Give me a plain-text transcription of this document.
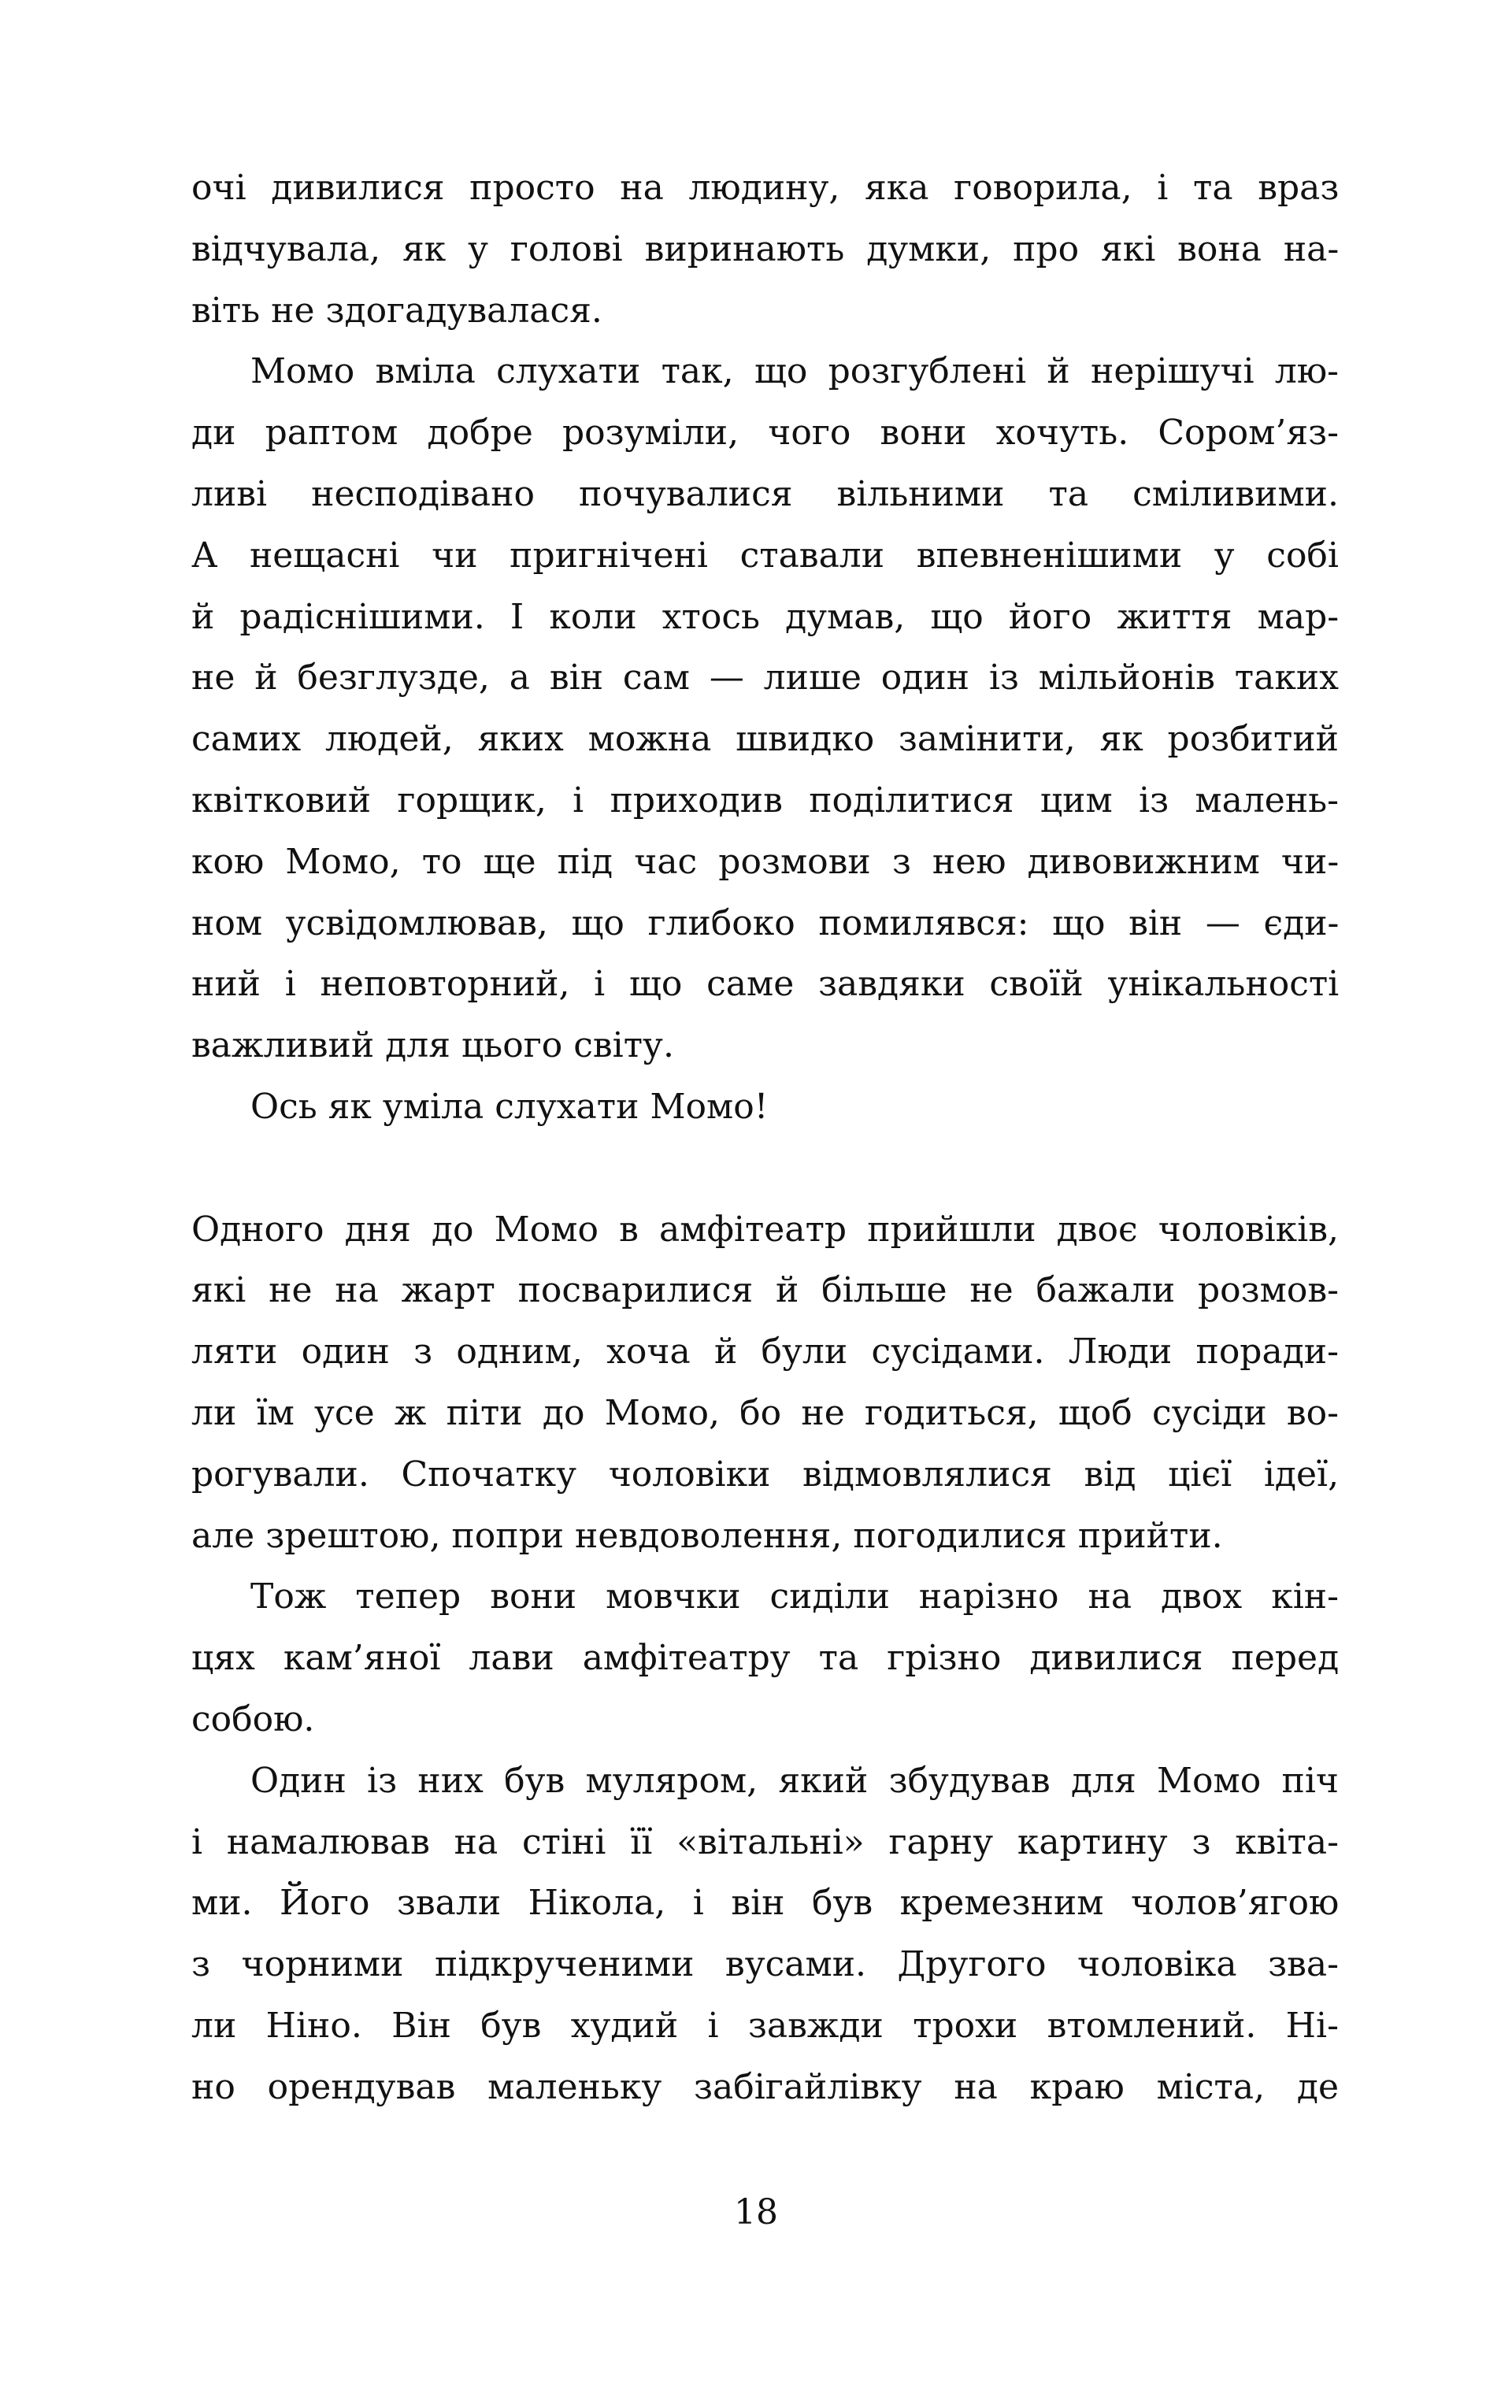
очі дивилися просто на людину, яка говорила, і та враз
відчувала, як у голові виринають думки, про які вона на-
віть не здогадувалася.
Момо вміла слухати так, що розгублені й нерішучі лю-
ди раптом добре розуміли, чого вони хочуть. Сором’яз-
ливі несподівано почувалися вільними та сміливими.
А нещасні чи пригнічені ставали впевненішими у собі
й радіснішими. І коли хтось думав, що його життя мар-
не й безглузде, а він сам — лише один із мільйонів таких
самих людей, яких можна швидко замінити, як розбитий
квітковий горщик, і приходив поділитися цим із малень-
кою Момо, то ще під час розмови з нею дивовижним чи-
ном усвідомлював, що глибоко помилявся: що він — єди-
ний і неповторний, і що саме завдяки своїй унікальності
важливий для цього світу.
Ось як уміла слухати Момо!
Одного дня до Момо в амфітеатр прийшли двоє чоловіків,
які не на жарт посварилися й більше не бажали розмов-
ляти один з одним, хоча й були сусідами. Люди поради-
ли їм усе ж піти до Момо, бо не годиться, щоб сусіди во-
рогували. Спочатку чоловіки відмовлялися від цієї ідеї,
але зрештою, попри невдоволення, погодилися прийти.
Тож тепер вони мовчки сиділи нарізно на двох кін-
цях кам’яної лави амфітеатру та грізно дивилися перед
собою.
Один із них був муляром, який збудував для Момо піч
і намалював на стіні її «вітальні» гарну картину з квіта-
ми. Його звали Нікола, і він був кремезним чолов’ягою
з чорними підкрученими вусами. Другого чоловіка зва-
ли Ніно. Він був худий і завжди трохи втомлений. Ні-
но орендував маленьку забігайлівку на краю міста, де
18
